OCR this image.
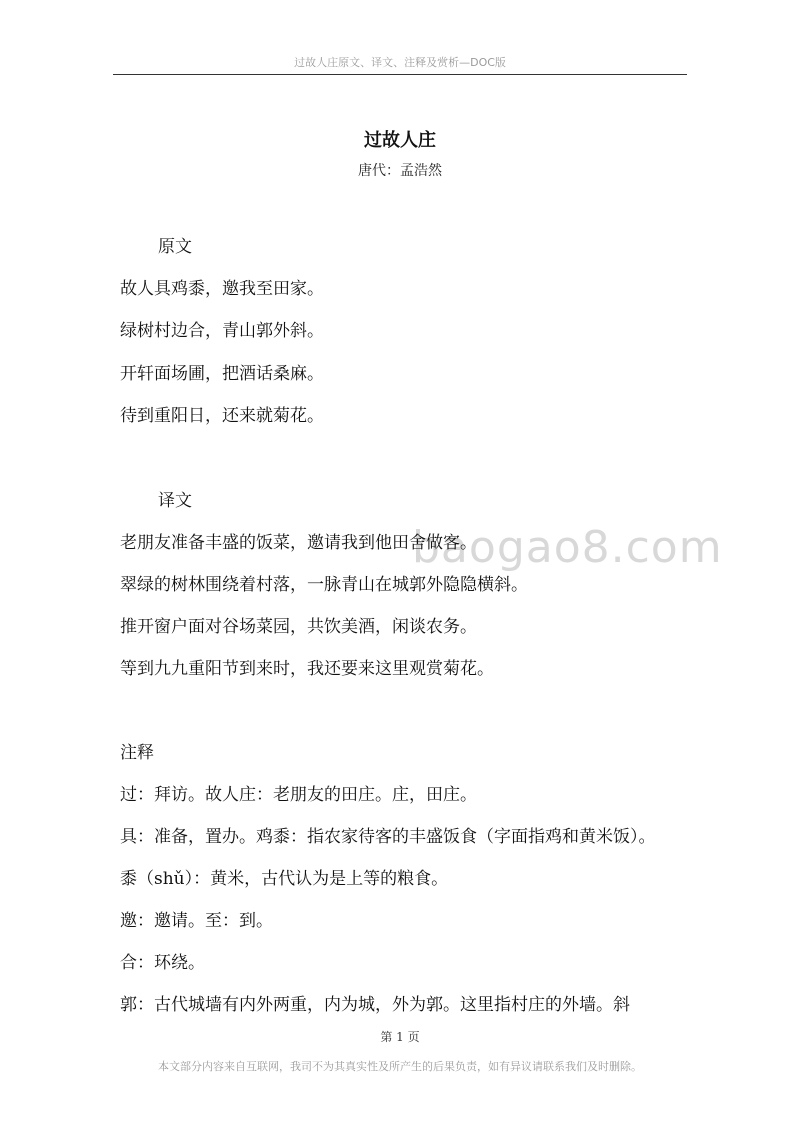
过故人庄原文、译文、注释及赏析—DOC版
过故人庄
唐代：孟浩然
baogao8.com
原文
故人具鸡黍，邀我至田家。
绿树村边合，青山郭外斜。
开轩面场圃，把酒话桑麻。
待到重阳日，还来就菊花。
译文
老朋友准备丰盛的饭菜，邀请我到他田舍做客。
翠绿的树林围绕着村落，一脉青山在城郭外隐隐横斜。
推开窗户面对谷场菜园，共饮美酒，闲谈农务。
等到九九重阳节到来时，我还要来这里观赏菊花。
注释
过：拜访。故人庄：老朋友的田庄。庄，田庄。
具：准备，置办。鸡黍：指农家待客的丰盛饭食（字面指鸡和黄米饭）。
黍（shǔ）：黄米，古代认为是上等的粮食。
邀：邀请。至：到。
合：环绕。
郭：古代城墙有内外两重，内为城，外为郭。这里指村庄的外墙。斜
第 1 页
本文部分内容来自互联网，我司不为其真实性及所产生的后果负责，如有异议请联系我们及时删除。
